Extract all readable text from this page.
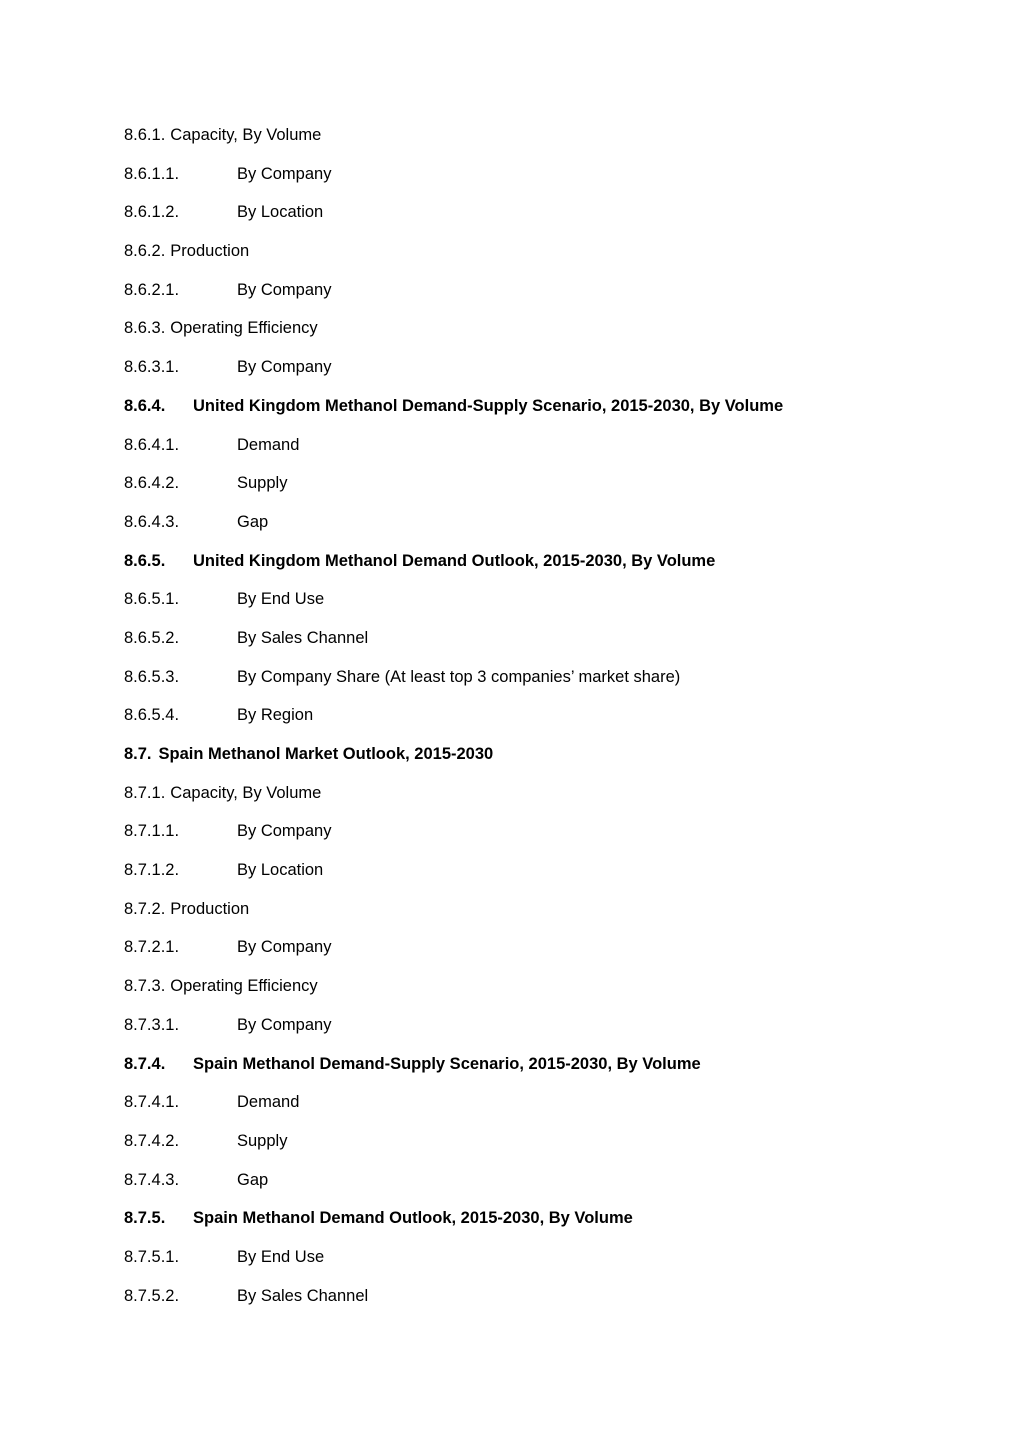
8.6.1. Capacity, By Volume
8.6.1.1.	By Company
8.6.1.2.	By Location
8.6.2. Production
8.6.2.1.	By Company
8.6.3. Operating Efficiency
8.6.3.1.	By Company
8.6.4.	United Kingdom Methanol Demand-Supply Scenario, 2015-2030, By Volume
8.6.4.1.	Demand
8.6.4.2.	Supply
8.6.4.3.	Gap
8.6.5.	United Kingdom Methanol Demand Outlook, 2015-2030, By Volume
8.6.5.1.	By End Use
8.6.5.2.	By Sales Channel
8.6.5.3.	By Company Share (At least top 3 companies’ market share)
8.6.5.4.	By Region
8.7. Spain Methanol Market Outlook, 2015-2030
8.7.1. Capacity, By Volume
8.7.1.1.	By Company
8.7.1.2.	By Location
8.7.2. Production
8.7.2.1.	By Company
8.7.3. Operating Efficiency
8.7.3.1.	By Company
8.7.4.	Spain Methanol Demand-Supply Scenario, 2015-2030, By Volume
8.7.4.1.	Demand
8.7.4.2.	Supply
8.7.4.3.	Gap
8.7.5.	Spain Methanol Demand Outlook, 2015-2030, By Volume
8.7.5.1.	By End Use
8.7.5.2.	By Sales Channel
